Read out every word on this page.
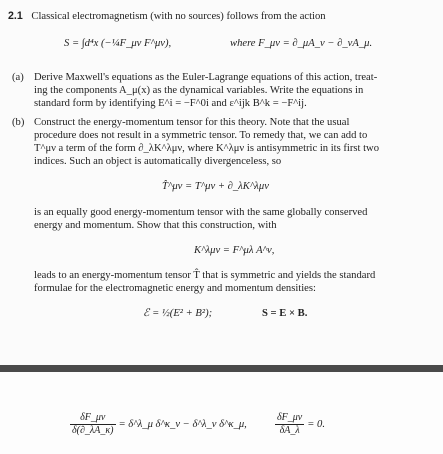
2.1 Classical electromagnetism (with no sources) follows from the action
S = ∫d⁴x (−¼F_μν F^μν),	where F_μν = ∂_μA_ν − ∂_νA_μ.
(a) Derive Maxwell's equations as the Euler-Lagrange equations of this action, treat-
ing the components A_μ(x) as the dynamical variables. Write the equations in
standard form by identifying E^i = −F^0i and ε^ijk B^k = −F^ij.
(b) Construct the energy-momentum tensor for this theory. Note that the usual
procedure does not result in a symmetric tensor. To remedy that, we can add to
T^μν a term of the form ∂_λK^λμν, where K^λμν is antisymmetric in its first two
indices. Such an object is automatically divergenceless, so
T̂^μν = T^μν + ∂_λK^λμν
is an equally good energy-momentum tensor with the same globally conserved
energy and momentum. Show that this construction, with
K^λμν = F^μλ A^ν,
leads to an energy-momentum tensor T̂ that is symmetric and yields the standard
formulae for the electromagnetic energy and momentum densities:
ℰ = ½(E² + B²);	S = E × B.
$\frac{\delta F\_\mu\nu}{\delta(\partial\_\lambda A\_\kappa)}$ = δ^λ_μ δ^κ_ν − δ^λ_ν δ^κ_μ,	$\frac{\delta F\_\mu\nu}{\delta A\_\lambda} = 0$.
